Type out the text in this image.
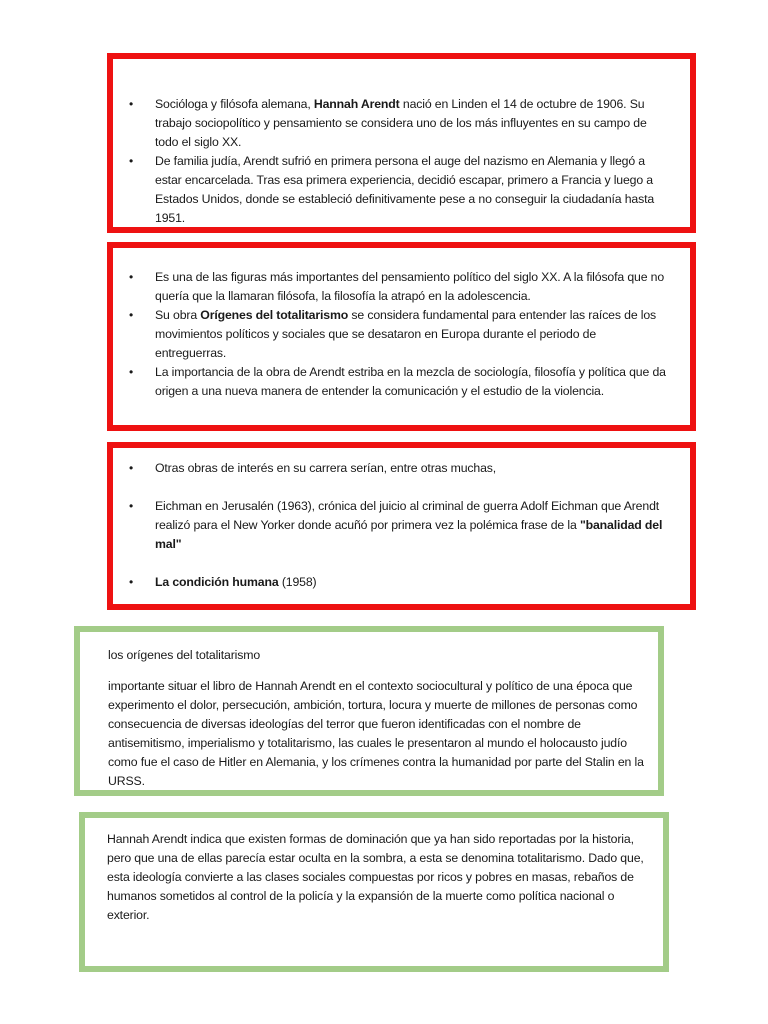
• Socióloga y filósofa alemana, Hannah Arendt nació en Linden el 14 de octubre de 1906. Su trabajo sociopolítico y pensamiento se considera uno de los más influyentes en su campo de todo el siglo XX.
• De familia judía, Arendt sufrió en primera persona el auge del nazismo en Alemania y llegó a estar encarcelada. Tras esa primera experiencia, decidió escapar, primero a Francia y luego a Estados Unidos, donde se estableció definitivamente pese a no conseguir la ciudadanía hasta 1951.
• Es una de las figuras más importantes del pensamiento político del siglo XX. A la filósofa que no quería que la llamaran filósofa, la filosofía la atrapó en la adolescencia.
• Su obra Orígenes del totalitarismo se considera fundamental para entender las raíces de los movimientos políticos y sociales que se desataron en Europa durante el periodo de entreguerras.
• La importancia de la obra de Arendt estriba en la mezcla de sociología, filosofía y política que da origen a una nueva manera de entender la comunicación y el estudio de la violencia.
• Otras obras de interés en su carrera serían, entre otras muchas,
• Eichman en Jerusalén (1963), crónica del juicio al criminal de guerra Adolf Eichman que Arendt realizó para el New Yorker donde acuñó por primera vez la polémica frase de la "banalidad del mal"
• La condición humana (1958)

los orígenes del totalitarismo

importante situar el libro de Hannah Arendt en el contexto sociocultural y político de una época que experimento el dolor, persecución, ambición, tortura, locura y muerte de millones de personas como consecuencia de diversas ideologías del terror que fueron identificadas con el nombre de antisemitismo, imperialismo y totalitarismo, las cuales le presentaron al mundo el holocausto judío como fue el caso de Hitler en Alemania, y los crímenes contra la humanidad por parte del Stalin en la URSS.

Hannah Arendt indica que existen formas de dominación que ya han sido reportadas por la historia, pero que una de ellas parecía estar oculta en la sombra, a esta se denomina totalitarismo. Dado que, esta ideología convierte a las clases sociales compuestas por ricos y pobres en masas, rebaños de humanos sometidos al control de la policía y la expansión de la muerte como política nacional o exterior.
